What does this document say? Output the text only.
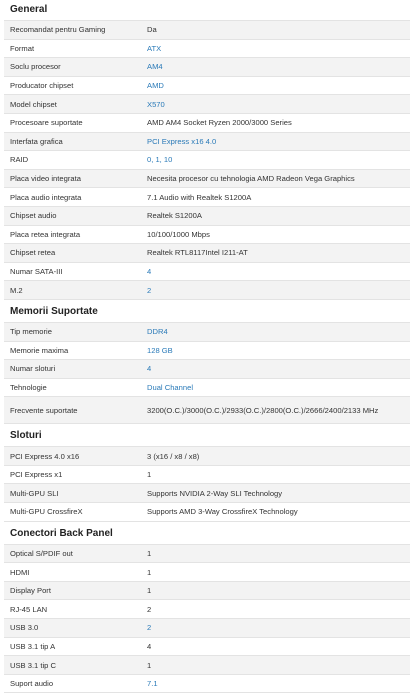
General
Recomandat pentru Gaming	Da
Format	ATX
Soclu procesor	AM4
Producator chipset	AMD
Model chipset	X570
Procesoare suportate	AMD AM4 Socket Ryzen 2000/3000 Series
Interfata grafica	PCI Express x16 4.0
RAID	0, 1, 10
Placa video integrata	Necesita procesor cu tehnologia AMD Radeon Vega Graphics
Placa audio integrata	7.1 Audio with Realtek S1200A
Chipset audio	Realtek S1200A
Placa retea integrata	10/100/1000 Mbps
Chipset retea	Realtek RTL8117Intel I211-AT
Numar SATA-III	4
M.2	2
Memorii Suportate
Tip memorie	DDR4
Memorie maxima	128 GB
Numar sloturi	4
Tehnologie	Dual Channel
Frecvente suportate	3200(O.C.)/3000(O.C.)/2933(O.C.)/2800(O.C.)/2666/2400/2133 MHz
Sloturi
PCI Express 4.0 x16	3 (x16 / x8 / x8)
PCI Express x1	1
Multi-GPU SLI	Supports NVIDIA 2-Way SLI Technology
Multi-GPU CrossfireX	Supports AMD 3-Way CrossfireX Technology
Conectori Back Panel
Optical S/PDIF out	1
HDMI	1
Display Port	1
RJ-45 LAN	2
USB 3.0	2
USB 3.1 tip A	4
USB 3.1 tip C	1
Suport audio	7.1
